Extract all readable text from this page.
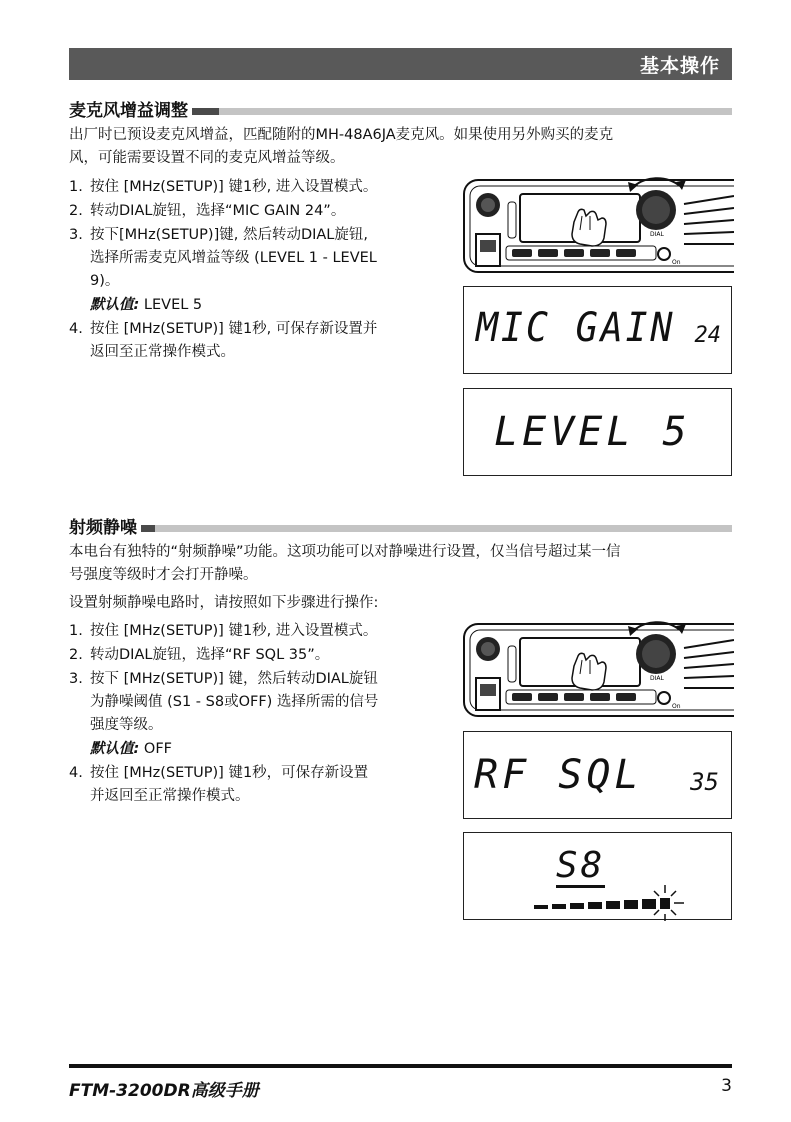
基本操作
麦克风增益调整
出厂时已预设麦克风增益，匹配随附的MH-48A6JA麦克风。如果使用另外购买的麦克
风，可能需要设置不同的麦克风增益等级。
1. 按住 [MHz(SETUP)] 键1秒, 进入设置模式。
2. 转动DIAL旋钮，选择“MIC GAIN 24”。
3. 按下[MHz(SETUP)]键, 然后转动DIAL旋钮,
选择所需麦克风增益等级 (LEVEL 1 - LEVEL
9)。
默认值: LEVEL 5
4. 按住 [MHz(SETUP)] 键1秒, 可保存新设置并
返回至正常操作模式。
DIAL
On
MIC GAIN 24
LEVEL 5
射频静噪
本电台有独特的“射频静噪”功能。这项功能可以对静噪进行设置，仅当信号超过某一信
号强度等级时才会打开静噪。
设置射频静噪电路时，请按照如下步骤进行操作:
1. 按住 [MHz(SETUP)] 键1秒, 进入设置模式。
2. 转动DIAL旋钮，选择“RF SQL 35”。
3. 按下 [MHz(SETUP)] 键，然后转动DIAL旋钮
为静噪阈值 (S1 - S8或OFF) 选择所需的信号
强度等级。
默认值: OFF
4. 按住 [MHz(SETUP)] 键1秒，可保存新设置
并返回至正常操作模式。
DIAL
On
RF SQL 35
S8
FTM-3200DR高级手册	3
